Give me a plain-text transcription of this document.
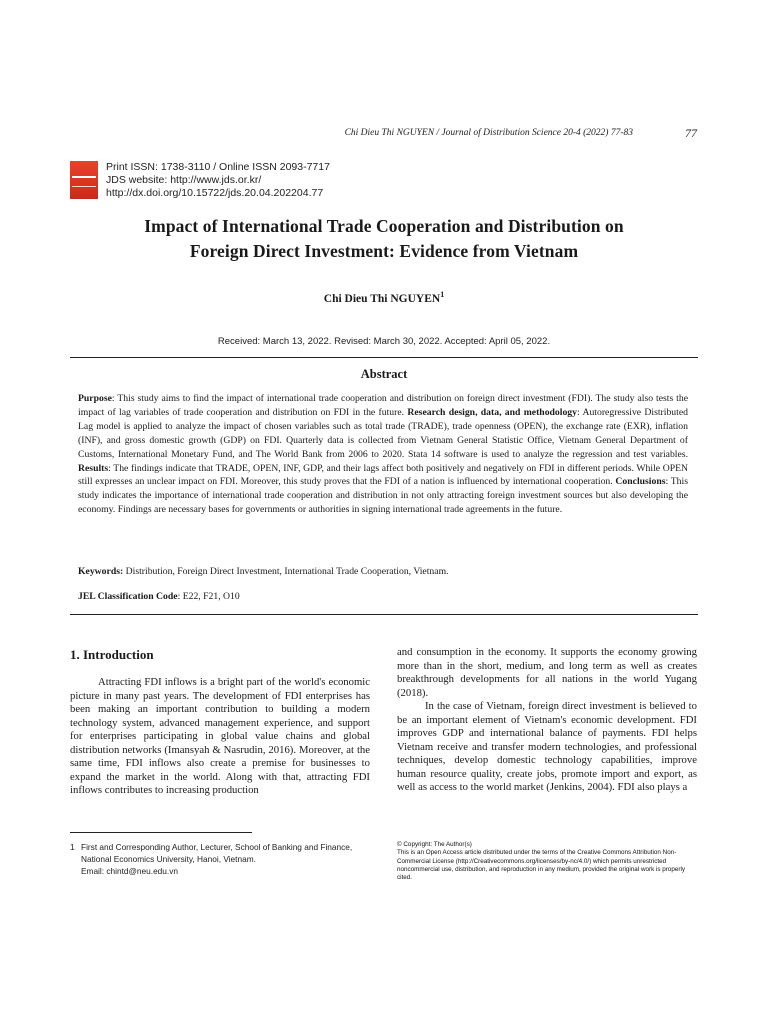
Chi Dieu Thi NGUYEN / Journal of Distribution Science 20-4 (2022) 77-83	77
Print ISSN: 1738-3110 / Online ISSN 2093-7717
JDS website: http://www.jds.or.kr/
http://dx.doi.org/10.15722/jds.20.04.202204.77
Impact of International Trade Cooperation and Distribution on
Foreign Direct Investment: Evidence from Vietnam
Chi Dieu Thi NGUYEN$^1$
Received: March 13, 2022. Revised: March 30, 2022. Accepted: April 05, 2022.
Abstract
Purpose: This study aims to find the impact of international trade cooperation and distribution on foreign direct investment (FDI). The study also tests the impact of lag variables of trade cooperation and distribution on FDI in the future. Research design, data, and methodology: Autoregressive Distributed Lag model is applied to analyze the impact of chosen variables such as total trade (TRADE), trade openness (OPEN), the exchange rate (EXR), inflation (INF), and gross domestic growth (GDP) on FDI. Quarterly data is collected from Vietnam General Statistic Office, Vietnam General Department of Customs, International Monetary Fund, and The World Bank from 2006 to 2020. Stata 14 software is used to analyze the regression and test variables. Results: The findings indicate that TRADE, OPEN, INF, GDP, and their lags affect both positively and negatively on FDI in different periods. While OPEN still expresses an unclear impact on FDI. Moreover, this study proves that the FDI of a nation is influenced by international cooperation. Conclusions: This study indicates the importance of international trade cooperation and distribution in not only attracting foreign investment sources but also developing the economy. Findings are necessary bases for governments or authorities in signing international trade agreements in the future.
Keywords: Distribution, Foreign Direct Investment, International Trade Cooperation, Vietnam.
JEL Classification Code: E22, F21, O10
1. Introduction

Attracting FDI inflows is a bright part of the world's economic picture in many past years. The development of FDI enterprises has been making an important contribution to building a modern technology system, advanced management experience, and support for enterprises participating in global value chains and global distribution networks (Imansyah & Nasrudin, 2016). Moreover, at the same time, FDI inflows also create a premise for businesses to expand the market in the world. Along with that, attracting FDI inflows contributes to increasing production

and consumption in the economy. It supports the economy growing more than in the short, medium, and long term as well as creates breakthrough developments for all nations in the world Yugang (2018).

In the case of Vietnam, foreign direct investment is believed to be an important element of Vietnam's economic development. FDI improves GDP and international balance of payments. FDI helps Vietnam receive and transfer modern technologies, and professional techniques, develop domestic technology capabilities, improve human resource quality, create jobs, promote import and export, as well as access to the world market (Jenkins, 2004). FDI also plays a

1 First and Corresponding Author, Lecturer, School of Banking and Finance, National Economics University, Hanoi, Vietnam.
Email: chintd@neu.edu.vn
© Copyright: The Author(s)
This is an Open Access article distributed under the terms of the Creative Commons Attribution Non-Commercial License (http://Creativecommons.org/licenses/by-nc/4.0/) which permits unrestricted noncommercial use, distribution, and reproduction in any medium, provided the original work is properly cited.
